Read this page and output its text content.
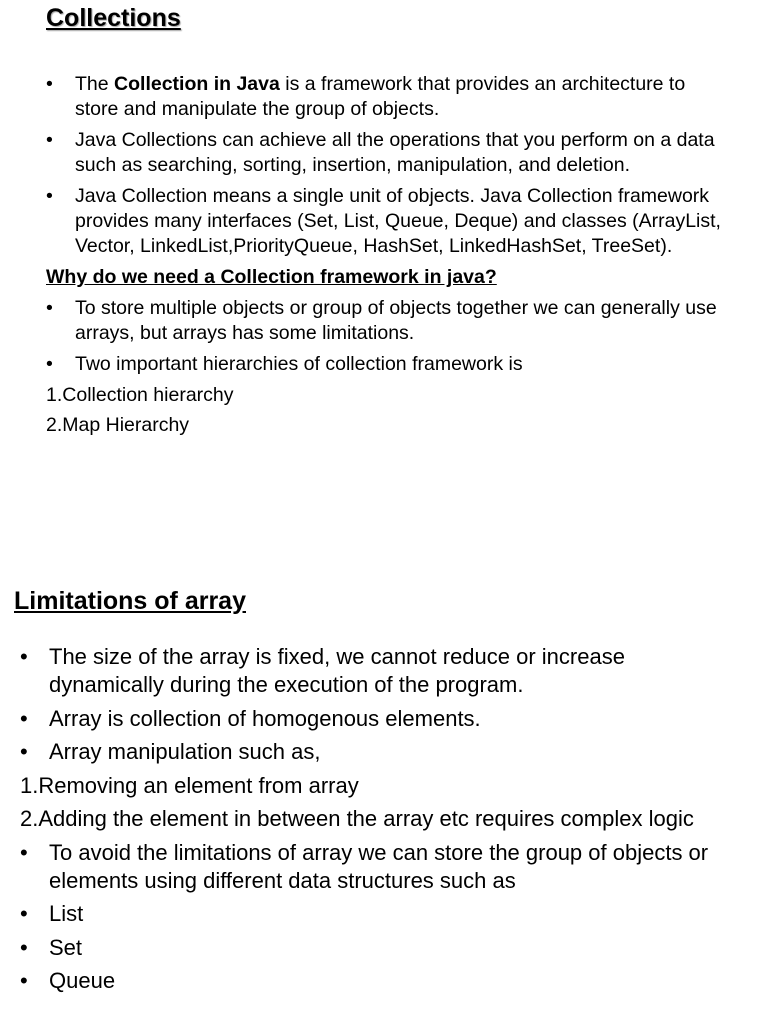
Collections
• The Collection in Java is a framework that provides an architecture to store and manipulate the group of objects.
• Java Collections can achieve all the operations that you perform on a data such as searching, sorting, insertion, manipulation, and deletion.
• Java Collection means a single unit of objects. Java Collection framework provides many interfaces (Set, List, Queue, Deque) and classes (ArrayList, Vector, LinkedList,PriorityQueue, HashSet, LinkedHashSet, TreeSet).
Why do we need a Collection framework in java?
• To store multiple objects or group of objects together we can generally use arrays, but arrays has some limitations.
• Two important hierarchies of collection framework is
1.Collection hierarchy
2.Map Hierarchy
Limitations of array
• The size of the array is fixed, we cannot reduce or increase dynamically during the execution of the program.
• Array is collection of homogenous elements.
• Array manipulation such as,
1.Removing an element from array
2.Adding the element in between the array etc requires complex logic
• To avoid the limitations of array we can store the group of objects or elements using different data structures such as
• List
• Set
• Queue
